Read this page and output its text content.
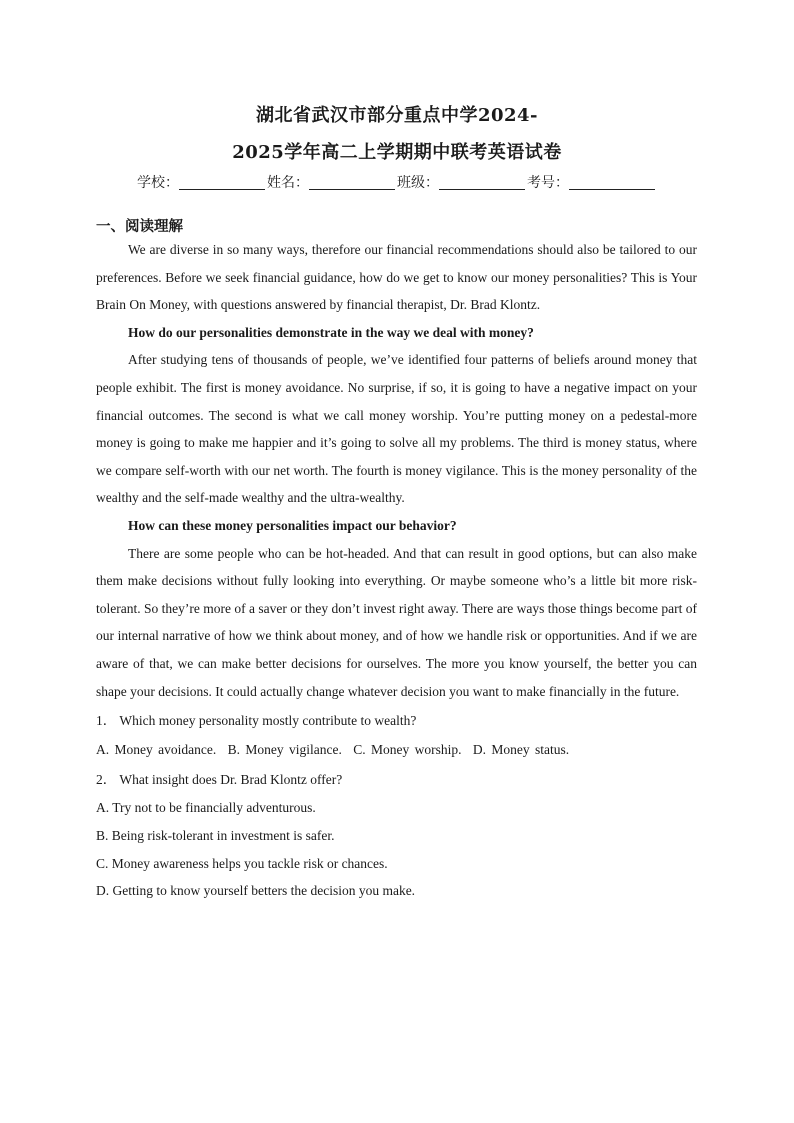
湖北省武汉市部分重点中学2024-
2025学年高二上学期期中联考英语试卷
学校：	姓名：	班级：	考号：
一、阅读理解

We are diverse in so many ways, therefore our financial recommendations should also be tailored to our preferences. Before we seek financial guidance, how do we get to know our money personalities? This is Your Brain On Money, with questions answered by financial therapist, Dr. Brad Klontz.

How do our personalities demonstrate in the way we deal with money?

After studying tens of thousands of people, we’ve identified four patterns of beliefs around money that people exhibit. The first is money avoidance. No surprise, if so, it is going to have a negative impact on your financial outcomes. The second is what we call money worship. You’re putting money on a pedestal-more money is going to make me happier and it’s going to solve all my problems. The third is money status, where we compare self-worth with our net worth. The fourth is money vigilance. This is the money personality of the wealthy and the self-made wealthy and the ultra-wealthy.

How can these money personalities impact our behavior?

There are some people who can be hot-headed. And that can result in good options, but can also make them make decisions without fully looking into everything. Or maybe someone who’s a little bit more risk- tolerant. So they’re more of a saver or they don’t invest right away. There are ways those things become part of our internal narrative of how we think about money, and of how we handle risk or opportunities. And if we are aware of that, we can make better decisions for ourselves. The more you know yourself, the better you can shape your decisions. It could actually change whatever decision you want to make financially in the future.

1． Which money personality mostly contribute to wealth?

A. Money avoidance. B. Money vigilance. C. Money worship. D. Money status.

2． What insight does Dr. Brad Klontz offer?

A. Try not to be financially adventurous.

B. Being risk-tolerant in investment is safer.

C. Money awareness helps you tackle risk or chances.

D. Getting to know yourself betters the decision you make.
